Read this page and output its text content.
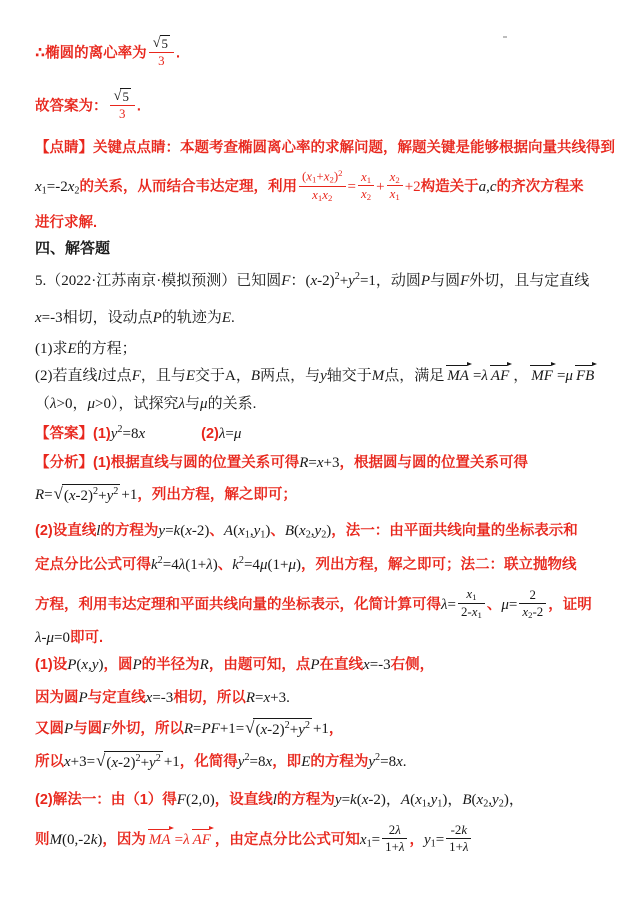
∴椭圆的离心率为 $\frac{√ 5}{3}$ .
故答案为： $\frac{√ 5}{3}$ .
【点睛】关键点点睛：本题考查椭圆离心率的求解问题，解题关键是能够根据向量共线得到
x1=-2x2的关系，从而结合韦达定理，利用 $\frac{(x1+x2)^2}{x1x2} = \frac{x1}{x2} + \frac{x2}{x1} +2$构造关于a,c的齐次方程来
进行求解.
四、解答题
5.（2022·江苏南京·模拟预测）已知圆F：$(x-2)^2+y^2=1$，动圆P与圆F外切，且与定直线
x=-3相切，设动点P的轨迹为E.
(1)求E的方程；
(2)若直线l过点F，且与E交于A，B两点，与y轴交于M点，满足 MA =λ AF ， MF =μ FB
（λ>0，μ>0），试探究λ与μ的关系.
【答案】$(1)y^2=8x$	(2)λ=μ
【分析】(1)根据直线与圆的位置关系可得R=x+3，根据圆与圆的位置关系可得
R= √ $(x-2)^2+y^2 +1$，列出方程，解之即可；
(2)设直线l的方程为y=k(x-2)、A(x1,y1)、B(x2,y2)，法一：由平面共线向量的坐标表示和
定点分比公式可得$k^2=4\lambda(1+\lambda)$、$k^2=4\mu(1+\mu)$，列出方程，解之即可；法二：联立抛物线
方程，利用韦达定理和平面共线向量的坐标表示，化简计算可得$\lambda= \frac{x1}{2-x1}$ 、$\mu= \frac{2}{x2-2}$ ，证明
λ-μ=0即可.
(1)设P(x,y)，圆P的半径为R，由题可知，点P在直线x=-3右侧，
因为圆P与定直线x=-3相切，所以R=x+3.
又圆P与圆F外切，所以R=PF+1= √ $(x-2)^2+y^2 +1$，
所以x+3= √ $(x-2)^2+y^2 +1$，化简得$y^2=8x$，即E的方程为$y^2=8x$.
(2)解法一：由（1）得F(2,0)，设直线l的方程为y=k(x-2)，A(x1,y1)，B(x2,y2)，
则M(0,-2k)，因为 MA =λ AF ，由定点分比公式可知$x1= \frac{2\lambda}{1+\lambda}$ ，$y1= \frac{-2k}{1+\lambda}$
